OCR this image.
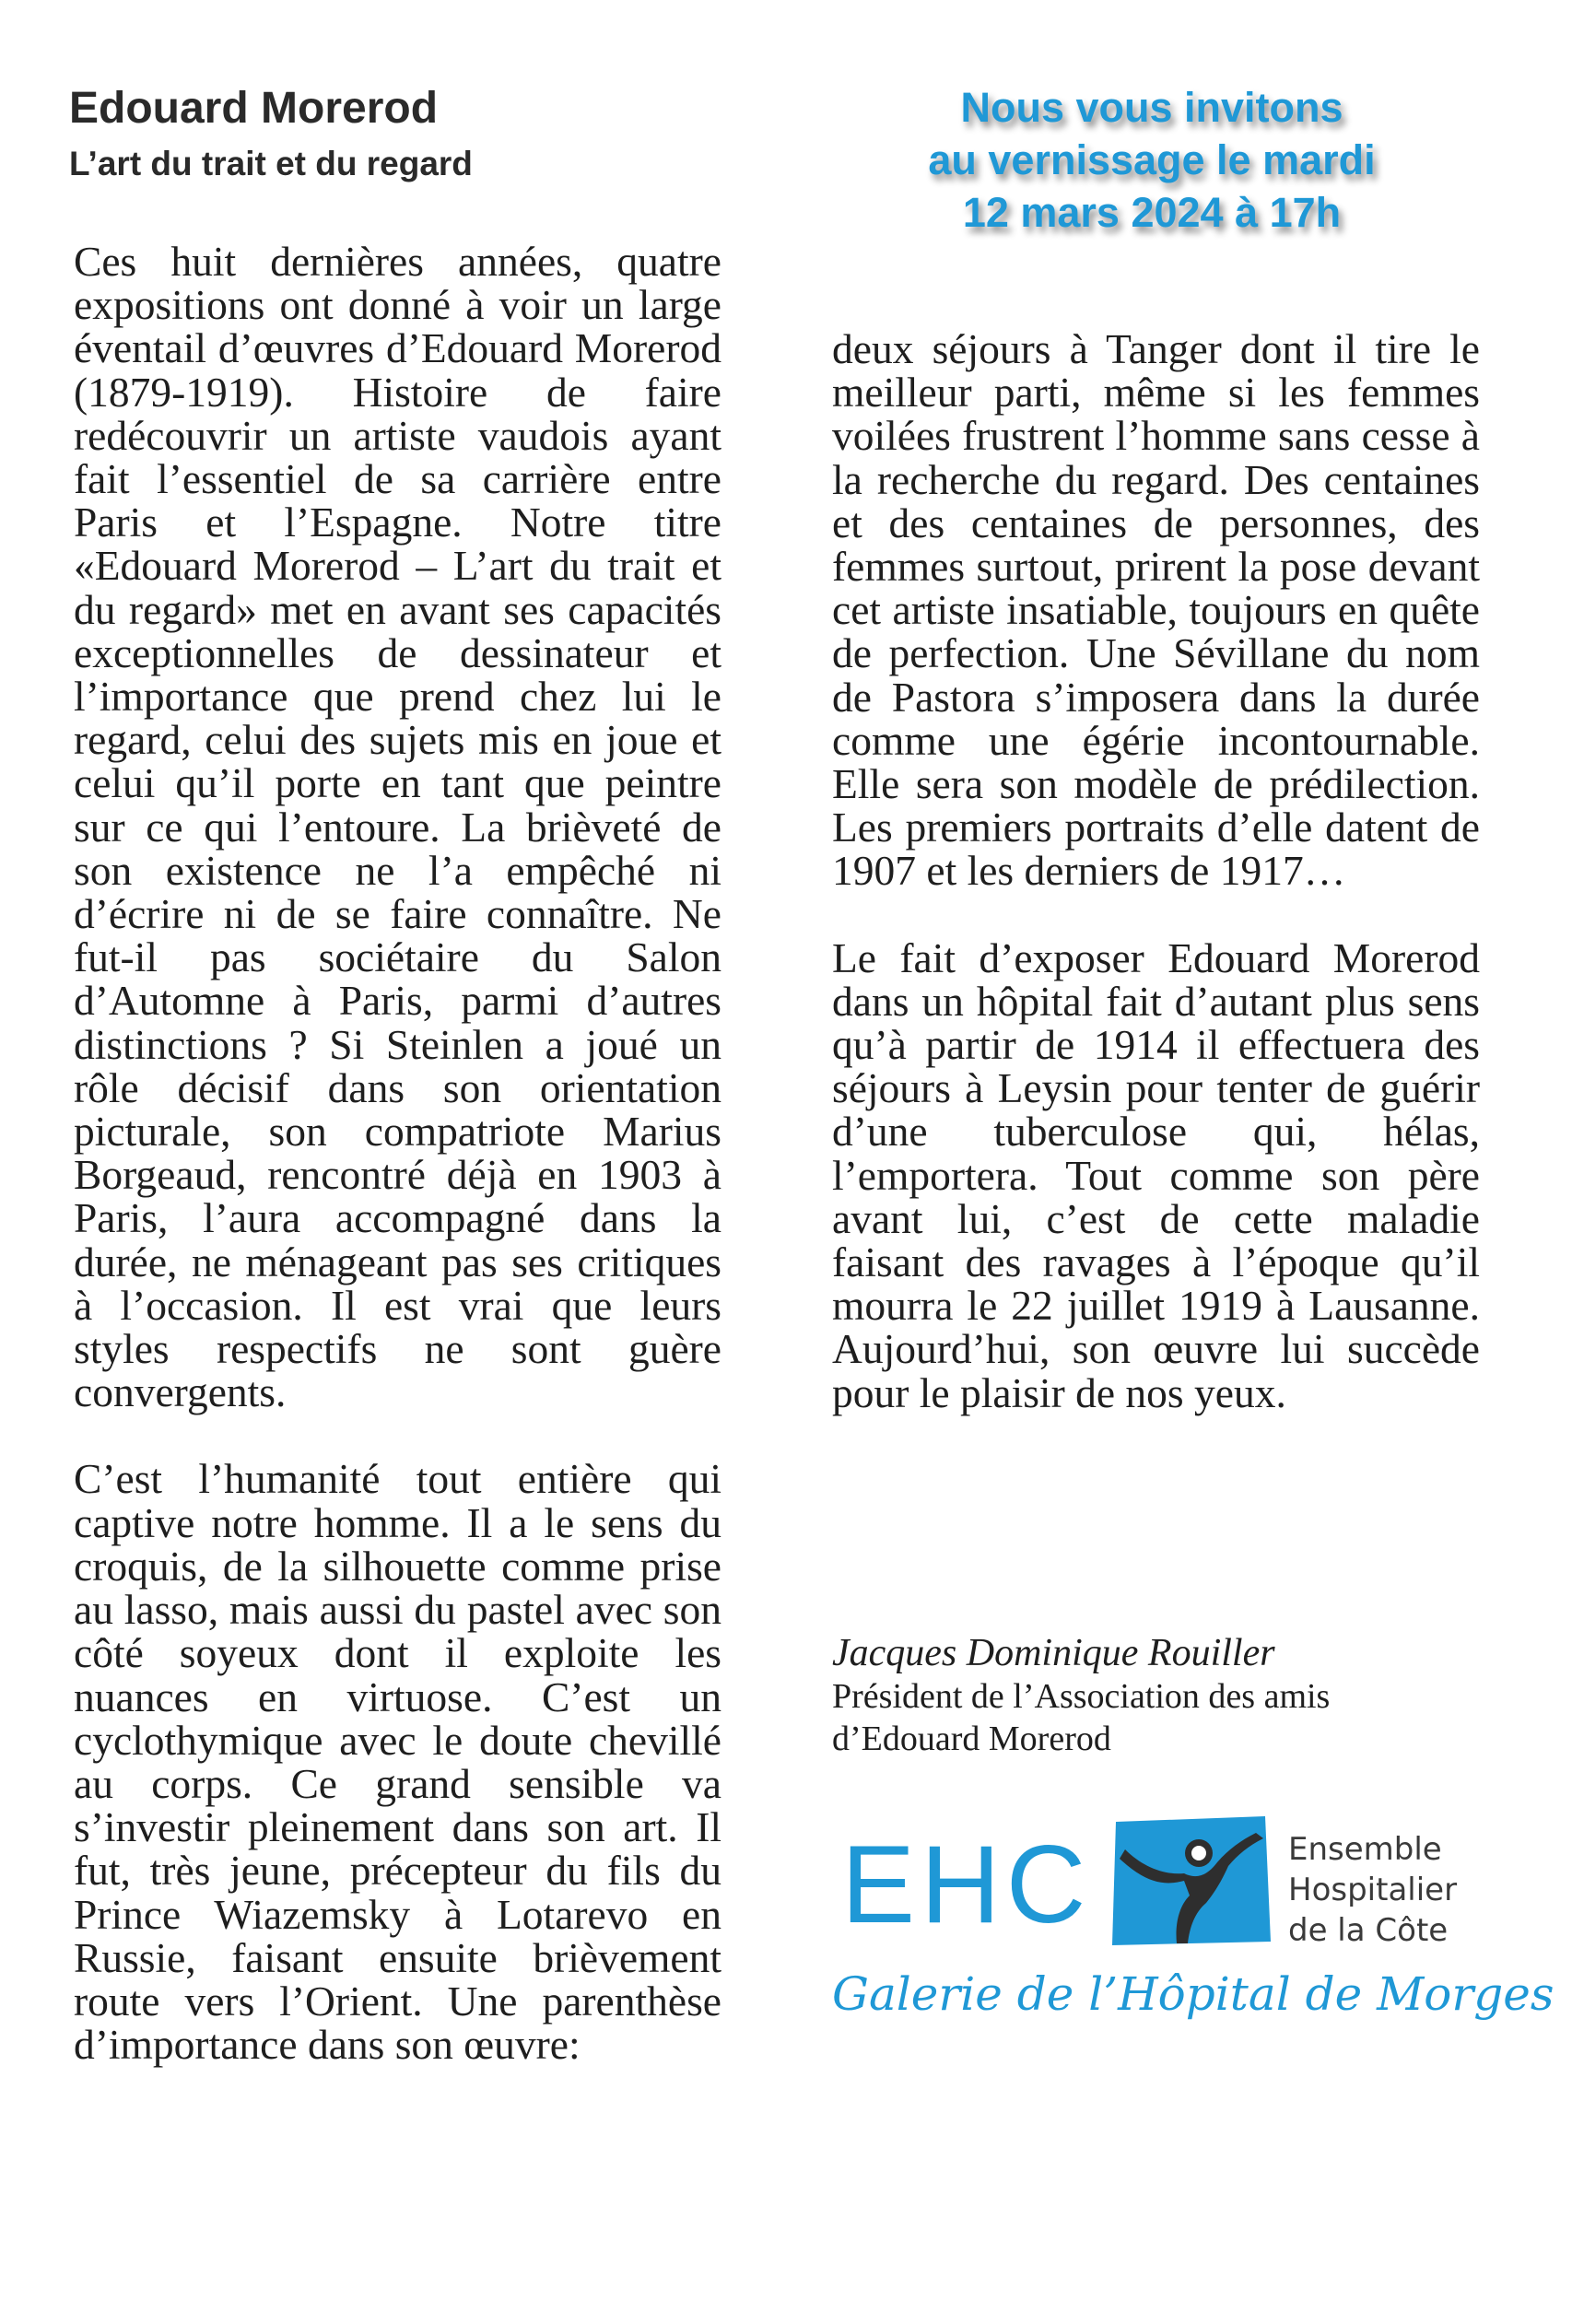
Edouard Morerod
L’art du trait et du regard
Nous vous invitons
au vernissage le mardi
12 mars 2024 à 17h

Ces huit dernières années, quatre expositions ont donné à voir un large éventail d’œuvres d’Edouard Morerod (1879-1919). Histoire de faire redécouvrir un artiste vaudois ayant fait l’essentiel de sa carrière entre Paris et l’Espagne. Notre titre «Edouard Morerod – L’art du trait et du regard» met en avant ses capacités exceptionnelles de dessinateur et l’importance que prend chez lui le regard, celui des sujets mis en joue et celui qu’il porte en tant que peintre sur ce qui l’entoure. La brièveté de son existence ne l’a empêché ni d’écrire ni de se faire connaître. Ne fut-il pas sociétaire du Salon d’Automne à Paris, parmi d’autres distinctions ? Si Steinlen a joué un rôle décisif dans son orientation picturale, son compatriote Marius Borgeaud, rencontré déjà en 1903 à Paris, l’aura accompagné dans la durée, ne ménageant pas ses critiques à l’occasion. Il est vrai que leurs styles respectifs ne sont guère convergents.

C’est l’humanité tout entière qui captive notre homme. Il a le sens du croquis, de la silhouette comme prise au lasso, mais aussi du pastel avec son côté soyeux dont il exploite les nuances en virtuose. C’est un cyclothymique avec le doute chevillé au corps. Ce grand sensible va s’investir pleinement dans son art. Il fut, très jeune, précepteur du fils du Prince Wiazemsky à Lotarevo en Russie, faisant ensuite brièvement route vers l’Orient. Une parenthèse d’importance dans son œuvre:

deux séjours à Tanger dont il tire le meilleur parti, même si les femmes voilées frustrent l’homme sans cesse à la recherche du regard. Des centaines et des centaines de personnes, des femmes surtout, prirent la pose devant cet artiste insatiable, toujours en quête de perfection. Une Sévillane du nom de Pastora s’imposera dans la durée comme une égérie incontournable. Elle sera son modèle de prédilection. Les premiers portraits d’elle datent de 1907 et les derniers de 1917…

Le fait d’exposer Edouard Morerod dans un hôpital fait d’autant plus sens qu’à partir de 1914 il effectuera des séjours à Leysin pour tenter de guérir d’une tuberculose qui, hélas, l’emportera. Tout comme son père avant lui, c’est de cette maladie faisant des ravages à l’époque qu’il mourra le 22 juillet 1919 à Lausanne. Aujourd’hui, son œuvre lui succède pour le plaisir de nos yeux.

Jacques Dominique Rouiller
Président de l’Association des amis
d’Edouard Morerod
EHC	Ensemble
Hospitalier
de la Côte
Galerie de l’Hôpital de Morges
